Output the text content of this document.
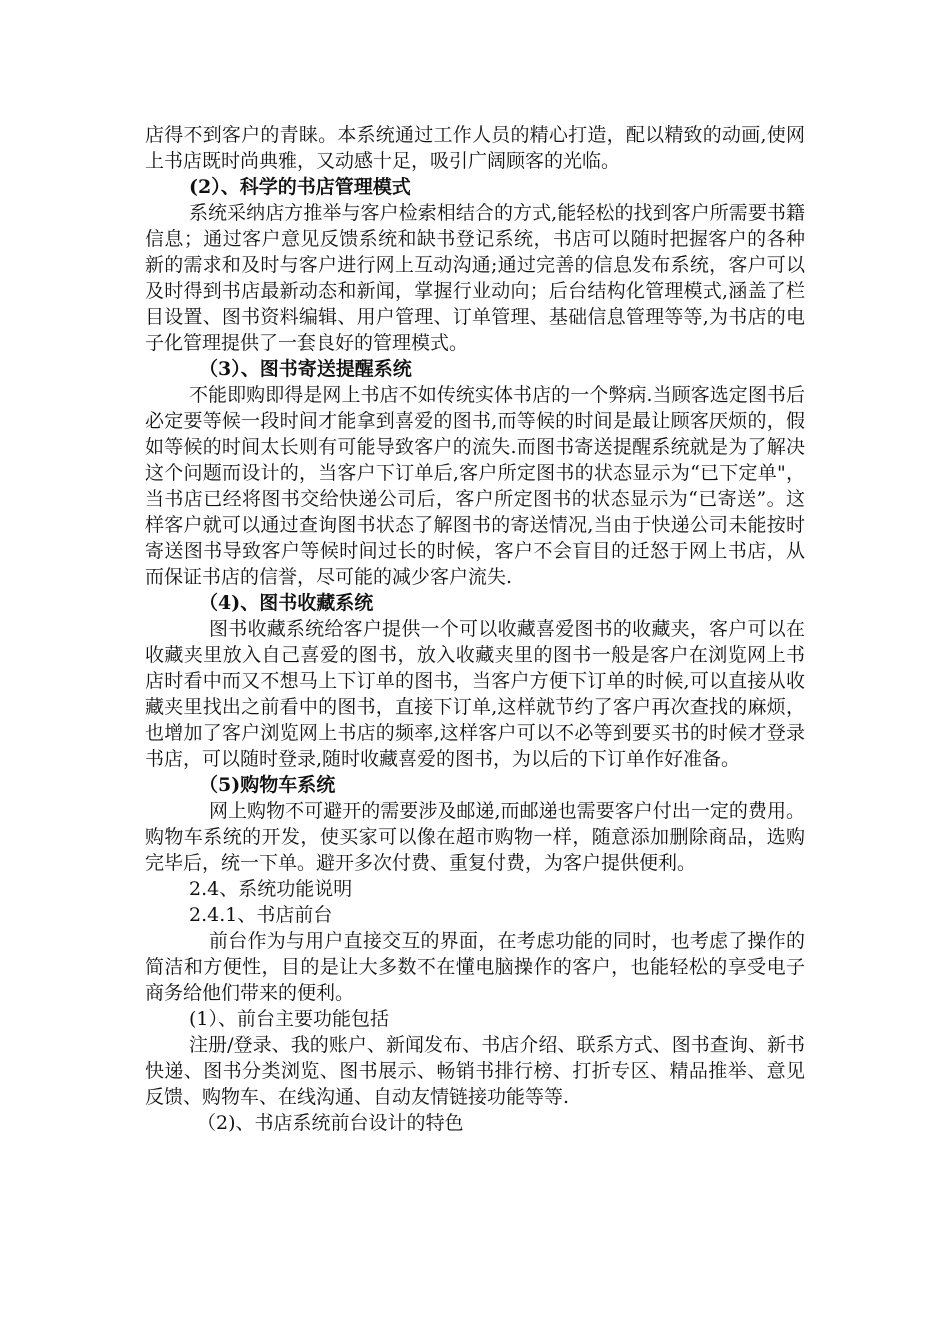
店得不到客户的青睐。本系统通过工作人员的精心打造，配以精致的动画,使网上书店既时尚典雅，又动感十足，吸引广阔顾客的光临。

(2）、科学的书店管理模式

系统采纳店方推举与客户检索相结合的方式,能轻松的找到客户所需要书籍信息；通过客户意见反馈系统和缺书登记系统，书店可以随时把握客户的各种新的需求和及时与客户进行网上互动沟通;通过完善的信息发布系统，客户可以及时得到书店最新动态和新闻，掌握行业动向；后台结构化管理模式,涵盖了栏目设置、图书资料编辑、用户管理、订单管理、基础信息管理等等,为书店的电子化管理提供了一套良好的管理模式。

（3）、图书寄送提醒系统

不能即购即得是网上书店不如传统实体书店的一个弊病.当顾客选定图书后必定要等候一段时间才能拿到喜爱的图书,而等候的时间是最让顾客厌烦的，假如等候的时间太长则有可能导致客户的流失.而图书寄送提醒系统就是为了解决这个问题而设计的，当客户下订单后,客户所定图书的状态显示为“已下定单"，当书店已经将图书交给快递公司后，客户所定图书的状态显示为“已寄送”。这样客户就可以通过查询图书状态了解图书的寄送情况,当由于快递公司未能按时寄送图书导致客户等候时间过长的时候，客户不会盲目的迁怒于网上书店，从而保证书店的信誉，尽可能的减少客户流失.

（4)、图书收藏系统

图书收藏系统给客户提供一个可以收藏喜爱图书的收藏夹，客户可以在收藏夹里放入自己喜爱的图书，放入收藏夹里的图书一般是客户在浏览网上书店时看中而又不想马上下订单的图书，当客户方便下订单的时候,可以直接从收藏夹里找出之前看中的图书，直接下订单,这样就节约了客户再次查找的麻烦，也增加了客户浏览网上书店的频率,这样客户可以不必等到要买书的时候才登录书店，可以随时登录,随时收藏喜爱的图书，为以后的下订单作好准备。

（5)购物车系统

网上购物不可避开的需要涉及邮递,而邮递也需要客户付出一定的费用。购物车系统的开发，使买家可以像在超市购物一样，随意添加删除商品，选购完毕后，统一下单。避开多次付费、重复付费，为客户提供便利。

2.4、系统功能说明

2.4.1、书店前台

前台作为与用户直接交互的界面，在考虑功能的同时，也考虑了操作的简洁和方便性，目的是让大多数不在懂电脑操作的客户，也能轻松的享受电子商务给他们带来的便利。

(1）、前台主要功能包括

注册/登录、我的账户、新闻发布、书店介绍、联系方式、图书查询、新书快递、图书分类浏览、图书展示、畅销书排行榜、打折专区、精品推举、意见反馈、购物车、在线沟通、自动友情链接功能等等.

（2)、书店系统前台设计的特色
